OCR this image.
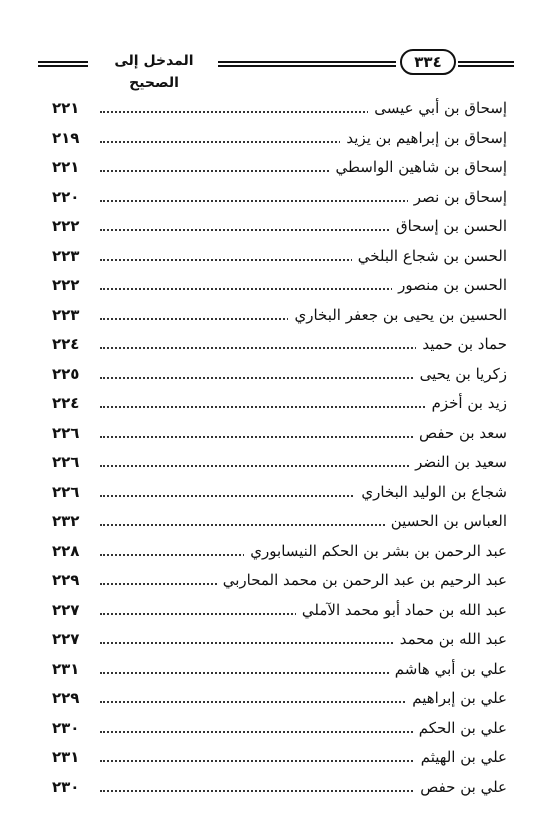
المدخل إلى الصحيح
٣٣٤
إسحاق بن أبي عيسى
٢٢١
إسحاق بن إبراهيم بن يزيد
٢١٩
إسحاق بن شاهين الواسطي
٢٢١
إسحاق بن نصر
٢٢٠
الحسن بن إسحاق
٢٢٢
الحسن بن شجاع البلخي
٢٢٣
الحسن بن منصور
٢٢٢
الحسين بن يحيى بن جعفر البخاري
٢٢٣
حماد بن حميد
٢٢٤
زكريا بن يحيى
٢٢٥
زيد بن أخزم
٢٢٤
سعد بن حفص
٢٢٦
سعيد بن النضر
٢٢٦
شجاع بن الوليد البخاري
٢٢٦
العباس بن الحسين
٢٣٢
عبد الرحمن بن بشر بن الحكم النيسابوري
٢٢٨
عبد الرحيم بن عبد الرحمن بن محمد المحاربي
٢٢٩
عبد الله بن حماد أبو محمد الآملي
٢٢٧
عبد الله بن محمد
٢٢٧
علي بن أبي هاشم
٢٣١
علي بن إبراهيم
٢٢٩
علي بن الحكم
٢٣٠
علي بن الهيثم
٢٣١
علي بن حفص
٢٣٠
